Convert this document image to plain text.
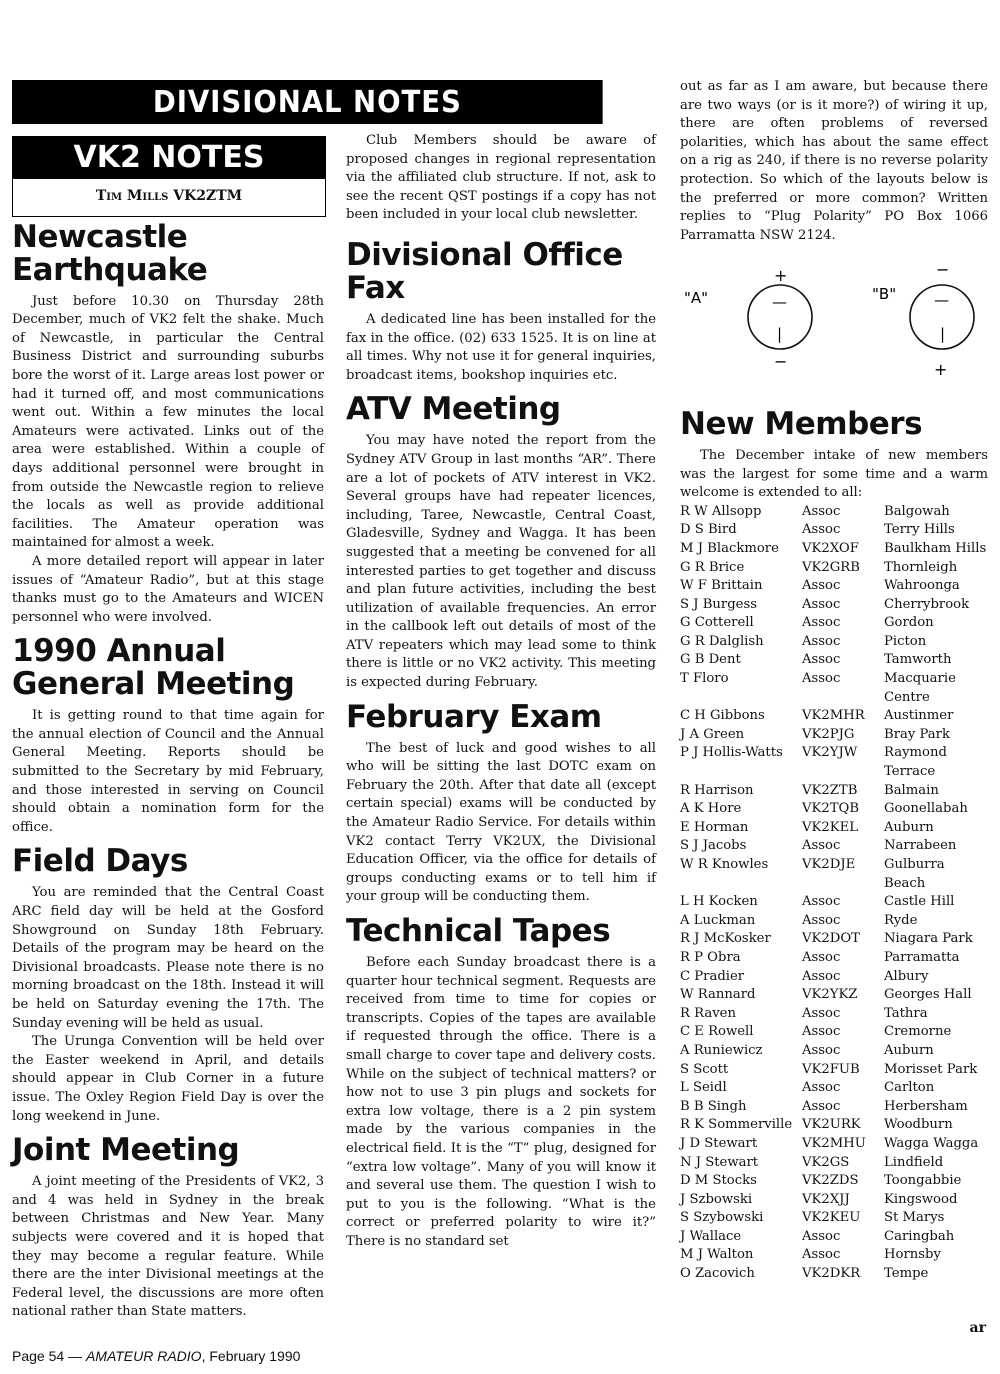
DIVISIONAL NOTES
VK2 NOTES
Tim Mills VK2ZTM
Newcastle Earthquake

Just before 10.30 on Thursday 28th December, much of VK2 felt the shake. Much of Newcastle, in particular the Central Business District and surrounding suburbs bore the worst of it. Large areas lost power or had it turned off, and most communications went out. Within a few minutes the local Amateurs were activated. Links out of the area were established. Within a couple of days additional personnel were brought in from outside the Newcastle region to relieve the locals as well as provide additional facilities. The Amateur operation was maintained for almost a week.

A more detailed report will appear in later issues of “Amateur Radio”, but at this stage thanks must go to the Amateurs and WICEN personnel who were involved.

1990 Annual General Meeting

It is getting round to that time again for the annual election of Council and the Annual General Meeting. Reports should be submitted to the Secretary by mid February, and those interested in serving on Council should obtain a nomination form for the office.

Field Days

You are reminded that the Central Coast ARC field day will be held at the Gosford Showground on Sunday 18th February. Details of the program may be heard on the Divisional broadcasts. Please note there is no morning broadcast on the 18th. Instead it will be held on Saturday evening the 17th. The Sunday evening will be held as usual.

The Urunga Convention will be held over the Easter weekend in April, and details should appear in Club Corner in a future issue. The Oxley Region Field Day is over the long weekend in June.

Joint Meeting

A joint meeting of the Presidents of VK2, 3 and 4 was held in Sydney in the break between Christmas and New Year. Many subjects were covered and it is hoped that they may become a regular feature. While there are the inter Divisional meetings at the Federal level, the discussions are more often national rather than State matters.

Club Members should be aware of proposed changes in regional representation via the affiliated club structure. If not, ask to see the recent QST postings if a copy has not been included in your local club newsletter.

Divisional Office Fax

A dedicated line has been installed for the fax in the office. (02) 633 1525. It is on line at all times. Why not use it for general inquiries, broadcast items, bookshop inquiries etc.

ATV Meeting

You may have noted the report from the Sydney ATV Group in last months “AR”. There are a lot of pockets of ATV interest in VK2. Several groups have had repeater licences, including, Taree, Newcastle, Central Coast, Gladesville, Sydney and Wagga. It has been suggested that a meeting be convened for all interested parties to get together and discuss and plan future activities, including the best utilization of available frequencies. An error in the callbook left out details of most of the ATV repeaters which may lead some to think there is little or no VK2 activity. This meeting is expected during February.

February Exam

The best of luck and good wishes to all who will be sitting the last DOTC exam on February the 20th. After that date all (except certain special) exams will be conducted by the Amateur Radio Service. For details within VK2 contact Terry VK2UX, the Divisional Education Officer, via the office for details of groups conducting exams or to tell him if your group will be conducting them.

Technical Tapes

Before each Sunday broadcast there is a quarter hour technical segment. Requests are received from time to time for copies or transcripts. Copies of the tapes are available if requested through the office. There is a small charge to cover tape and delivery costs. While on the subject of technical matters? or how not to use 3 pin plugs and sockets for extra low voltage, there is a 2 pin system made by the various companies in the electrical field. It is the “T” plug, designed for “extra low voltage”. Many of you will know it and several use them. The question I wish to put to you is the following. “What is the correct or preferred polarity to wire it?” There is no standard set

out as far as I am aware, but because there are two ways (or is it more?) of wiring it up, there are often problems of reversed polarities, which has about the same effect on a rig as 240, if there is no reverse polarity protection. So which of the layouts below is the preferred or more common? Written replies to “Plug Polarity” PO Box 1066 Parramatta NSW 2124.

"A"	"B"
+
−
−
+
—
|
—
|
New Members

The December intake of new members was the largest for some time and a warm welcome is extended to all:

R W Allsopp	Assoc	Balgowah
D S Bird	Assoc	Terry Hills
M J Blackmore	VK2XOF	Baulkham Hills
G R Brice	VK2GRB	Thornleigh
W F Brittain	Assoc	Wahroonga
S J Burgess	Assoc	Cherrybrook
G Cotterell	Assoc	Gordon
G R Dalglish	Assoc	Picton
G B Dent	Assoc	Tamworth
T Floro	Assoc	Macquarie Centre
C H Gibbons	VK2MHR	Austinmer
J A Green	VK2PJG	Bray Park
P J Hollis-Watts	VK2YJW	Raymond Terrace
R Harrison	VK2ZTB	Balmain
A K Hore	VK2TQB	Goonellabah
E Horman	VK2KEL	Auburn
S J Jacobs	Assoc	Narrabeen
W R Knowles	VK2DJE	Gulburra Beach
L H Kocken	Assoc	Castle Hill
A Luckman	Assoc	Ryde
R J McKosker	VK2DOT	Niagara Park
R P Obra	Assoc	Parramatta
C Pradier	Assoc	Albury
W Rannard	VK2YKZ	Georges Hall
R Raven	Assoc	Tathra
C E Rowell	Assoc	Cremorne
A Runiewicz	Assoc	Auburn
S Scott	VK2FUB	Morisset Park
L Seidl	Assoc	Carlton
B B Singh	Assoc	Herbersham
R K Sommerville	VK2URK	Woodburn
J D Stewart	VK2MHU	Wagga Wagga
N J Stewart	VK2GS	Lindfield
D M Stocks	VK2ZDS	Toongabbie
J Szbowski	VK2XJJ	Kingswood
S Szybowski	VK2KEU	St Marys
J Wallace	Assoc	Caringbah
M J Walton	Assoc	Hornsby
O Zacovich	VK2DKR	Tempe
ar
Page 54 — AMATEUR RADIO, February 1990
